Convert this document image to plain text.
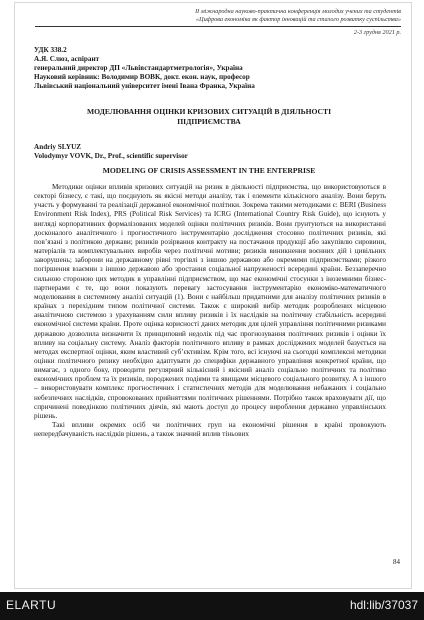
ІІ міжнародна науково-практична конференція молодих учених та студентів
«Цифрова економіка як фактор інновацій та сталого розвитку суспільства»
2-3 грудня 2021 р.
УДК 338.2
А.Я. Слюз, аспірант
генеральний директор ДП «Львівстандартметрологія», Україна
Науковий керівник: Володимир ВОВК, докт. екон. наук, професор
Львівський національний університет імені Івана Франка, Україна
МОДЕЛЮВАННЯ ОЦІНКИ КРИЗОВИХ СИТУАЦІЙ В ДІЯЛЬНОСТІ
ПІДПРИЄМСТВА
Andriy SLYUZ
Volodymyr VOVK, Dr., Prof., scientific supervisor
MODELING OF CRISIS ASSESSMENT IN THE ENTERPRISE

Методики оцінки впливів кризових ситуацій на ризик в діяльності підприємства, що використовуються в секторі бізнесу, є такі, що поєднують як якісні методи аналізу, так і елементи кількісного аналізу. Вони беруть участь у формуванні та реалізації державної економічної політики. Зокрема такими методиками є: BERI (Business Environment Risk Index), PRS (Political Risk Services) та ICRG (International Country Risk Guide), що існують у вигляді корпоративних формалізованих моделей оцінки політичних ризиків. Вони ґрунтуються на використанні досконалого аналітичного і прогностичного інструментарію дослідження стосовно політичних ризиків, які пов’язані з політикою держави; ризиків розірвання контракту на постачання продукції або закупівлю сировини, матеріалів та комплектувальних виробів через політичні мотиви; ризиків виникнення воєнних дій і цивільних заворушень; заборони на державному рівні торгівлі з іншою державою або окремими підприємствами; різкого погіршення взаємин з іншою державою або зростання соціальної напруженості всередині країни. Беззаперечно сильною стороною цих методик в управлінні підприємством, що має економічні стосунки з іноземними бізнес-партнерами є те, що вони показують перевагу застосування інструментарію економіко-математичного моделювання в системному аналізі ситуацій (1). Вони є найбільш придатними для аналізу політичних ризиків в країнах з перехідним типом політичної системи. Також є широкий вибір методик розроблених місцевою аналітичною системою з урахуванням сили впливу ризиків і їх наслідків на політичну стабільність всередині економічної системи країни. Проте оцінка корисності даних методик для цілей управління політичними ризиками державою дозволила визначити їх принциповий недолік під час прогнозування політичних ризиків і оцінки їх впливу на соціальну систему. Аналіз факторів політичного впливу в рамках досліджених моделей базується на методах експертної оцінки, яким властивий суб’єктивізм. Крім того, всі існуючі на сьогодні комплексні методики оцінки політичного ризику необхідно адаптувати до специфіки державного управління конкретної країни, що вимагає, з одного боку, проводити регулярний кількісний і якісний аналіз соціально політичних та політико економічних проблем та їх ризиків, породжених подіями та явищами місцевого соціального розвитку. А з іншого – використовувати комплекс прогностичних і статистичних методів для моделювання небажаних і соціально небезпечних наслідків, спровокованих прийняттями політичних рішеннями. Потрібно також враховувати дії, що спричинені поведінкою політичних діячів, які мають доступ до процесу вироблення державно управлінських рішень.

Такі впливи окремих осіб чи політичних груп на економічні рішення в країні провокують непередбачуваність наслідків рішень, а також значний вплив тіньових

84
ELARTU	hdl:lib/37037
